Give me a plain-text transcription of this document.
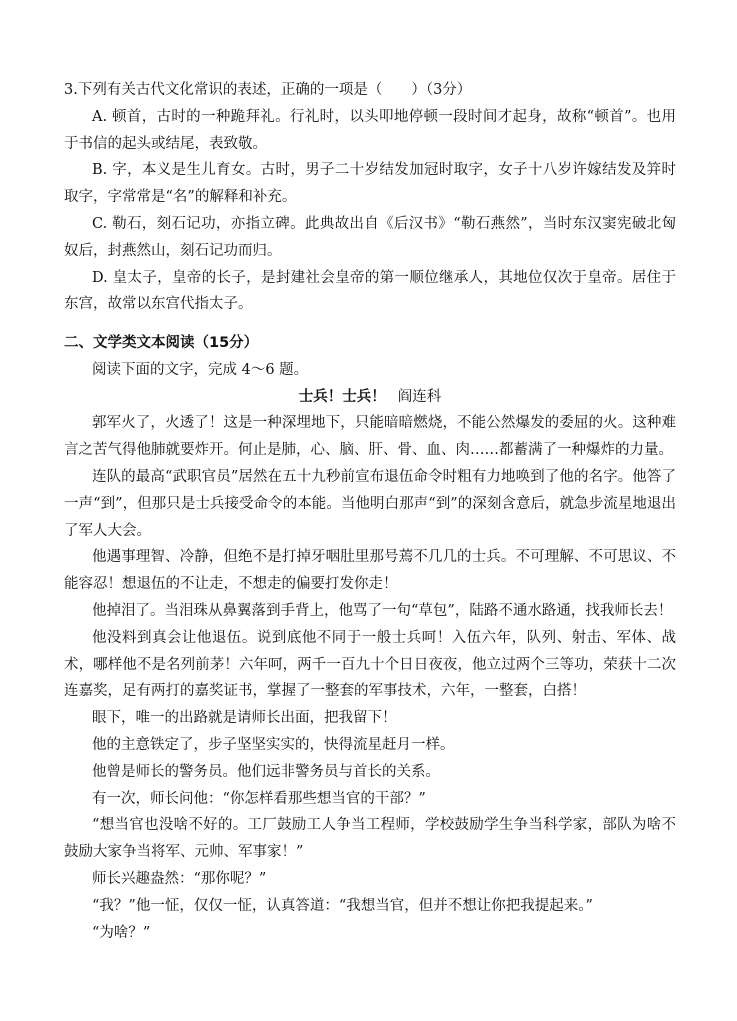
3.下列有关古代文化常识的表述，正确的一项是（　　）（3分）

A. 顿首，古时的一种跪拜礼。行礼时，以头叩地停顿一段时间才起身，故称“顿首”。也用于书信的起头或结尾，表致敬。

B. 字，本义是生儿育女。古时，男子二十岁结发加冠时取字，女子十八岁许嫁结发及笄时取字，字常常是“名”的解释和补充。

C. 勒石，刻石记功，亦指立碑。此典故出自《后汉书》“勒石燕然”，当时东汉窦宪破北匈奴后，封燕然山，刻石记功而归。

D. 皇太子，皇帝的长子，是封建社会皇帝的第一顺位继承人，其地位仅次于皇帝。居住于东宫，故常以东宫代指太子。

二、文学类文本阅读（15分）

阅读下面的文字，完成 4～6 题。

士兵！士兵！ 阎连科

郭军火了，火透了！这是一种深埋地下，只能暗暗燃烧，不能公然爆发的委屈的火。这种难言之苦气得他肺就要炸开。何止是肺，心、脑、肝、骨、血、肉……都蓄满了一种爆炸的力量。

连队的最高“武职官员”居然在五十九秒前宣布退伍命令时粗有力地唤到了他的名字。他答了一声“到”，但那只是士兵接受命令的本能。当他明白那声“到”的深刻含意后，就急步流星地退出了军人大会。

他遇事理智、冷静，但绝不是打掉牙咽肚里那号蔫不几几的士兵。不可理解、不可思议、不能容忍！想退伍的不让走，不想走的偏要打发你走！

他掉泪了。当泪珠从鼻翼落到手背上，他骂了一句“草包”，陆路不通水路通，找我师长去！

他没料到真会让他退伍。说到底他不同于一般士兵呵！入伍六年，队列、射击、军体、战术，哪样他不是名列前茅！六年呵，两千一百九十个日日夜夜，他立过两个三等功，荣获十二次连嘉奖，足有两打的嘉奖证书，掌握了一整套的军事技术，六年，一整套，白搭！

眼下，唯一的出路就是请师长出面，把我留下！

他的主意铁定了，步子坚坚实实的，快得流星赶月一样。

他曾是师长的警务员。他们远非警务员与首长的关系。

有一次，师长问他：“你怎样看那些想当官的干部？”

“想当官也没啥不好的。工厂鼓励工人争当工程师，学校鼓励学生争当科学家，部队为啥不鼓励大家争当将军、元帅、军事家！”

师长兴趣盎然：“那你呢？”

“我？”他一怔，仅仅一怔，认真答道：“我想当官，但并不想让你把我提起来。”

“为啥？”
